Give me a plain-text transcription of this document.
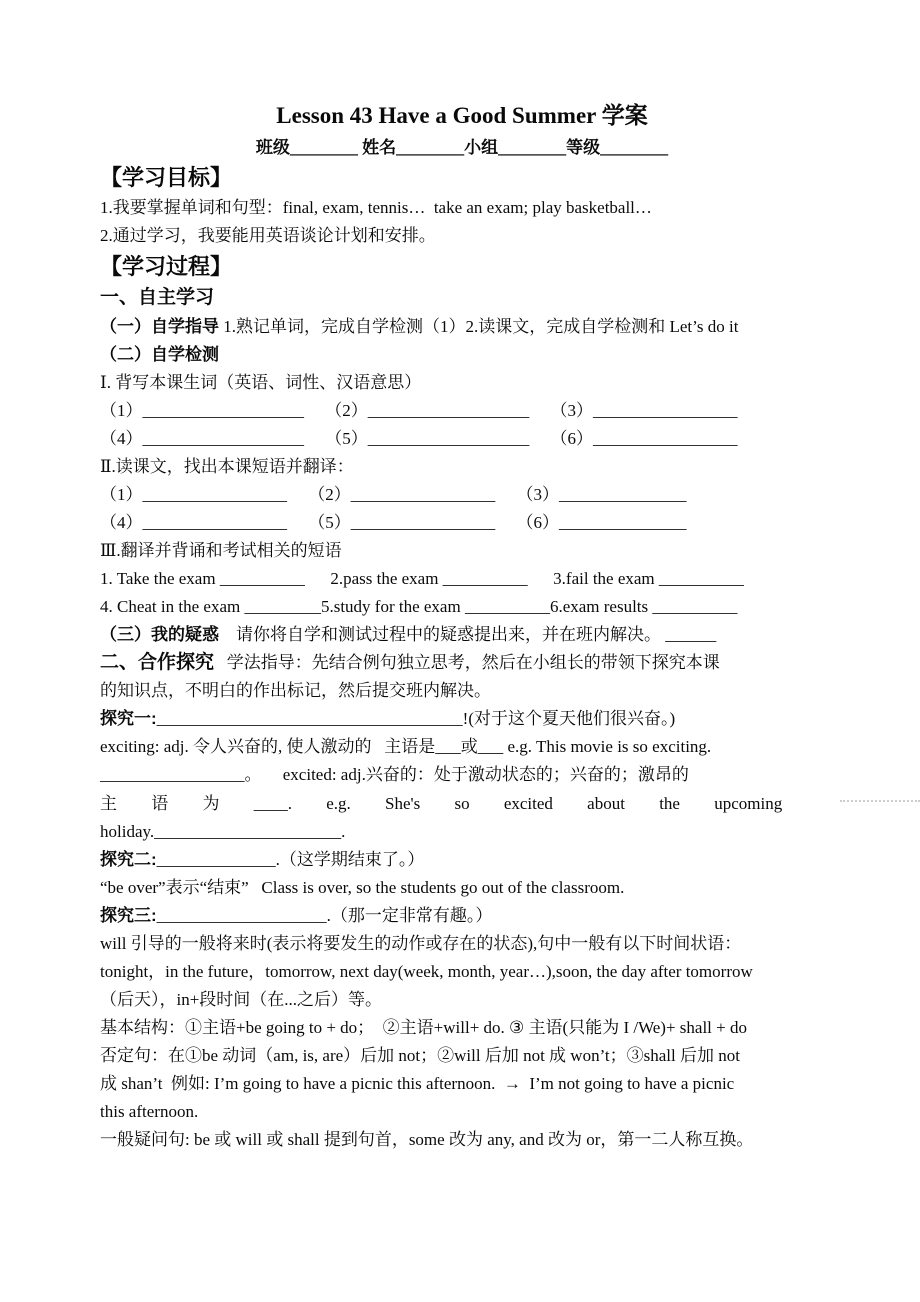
Lesson 43 Have a Good Summer 学案

班级________ 姓名________小组________等级________

【学习目标】

1.我要掌握单词和句型：final, exam, tennis…  take an exam; play basketball…

2.通过学习，我要能用英语谈论计划和安排。

【学习过程】

一、自主学习

（一）自学指导 1.熟记单词，完成自学检测（1）2.读课文，完成自学检测和 Let’s do it

（二）自学检测

Ⅰ. 背写本课生词（英语、词性、汉语意思）

（1）___________________     （2）___________________     （3）_________________

（4）___________________     （5）___________________     （6）_________________

Ⅱ.读课文，找出本课短语并翻译：

（1）_________________     （2）_________________     （3）_______________

（4）_________________     （5）_________________     （6）_______________

Ⅲ.翻译并背诵和考试相关的短语

1. Take the exam __________      2.pass the exam __________      3.fail the exam __________

4. Cheat in the exam _________5.study for the exam __________6.exam results __________

（三）我的疑惑    请你将自学和测试过程中的疑惑提出来，并在班内解决。 ______

二、合作探究   学法指导：先结合例句独立思考，然后在小组长的带领下探究本课

的知识点，不明白的作出标记，然后提交班内解决。

探究一:____________________________________!(对于这个夏天他们很兴奋。)

exciting: adj. 令人兴奋的, 使人激动的   主语是___或___ e.g. This movie is so exciting.

_________________。     excited: adj.兴奋的：处于激动状态的；兴奋的；激昂的

主 语 为 ____. e.g. She's so excited about the upcoming

holiday.______________________.

探究二:______________.（这学期结束了。）

“be over”表示“结束”   Class is over, so the students go out of the classroom.

探究三:____________________.（那一定非常有趣。）

will 引导的一般将来时(表示将要发生的动作或存在的状态),句中一般有以下时间状语：

tonight，in the future，tomorrow, next day(week, month, year…),soon, the day after tomorrow

（后天），in+段时间（在...之后）等。

基本结构：①主语+be going to + do；  ②主语+will+ do. ③ 主语(只能为 I /We)+ shall + do

否定句：在①be 动词（am, is, are）后加 not；②will 后加 not 成 won’t；③shall 后加 not

成 shan’t  例如: I’m going to have a picnic this afternoon.  →  I’m not going to have a picnic

this afternoon.

一般疑问句: be 或 will 或 shall 提到句首，some 改为 any, and 改为 or，第一二人称互换。
